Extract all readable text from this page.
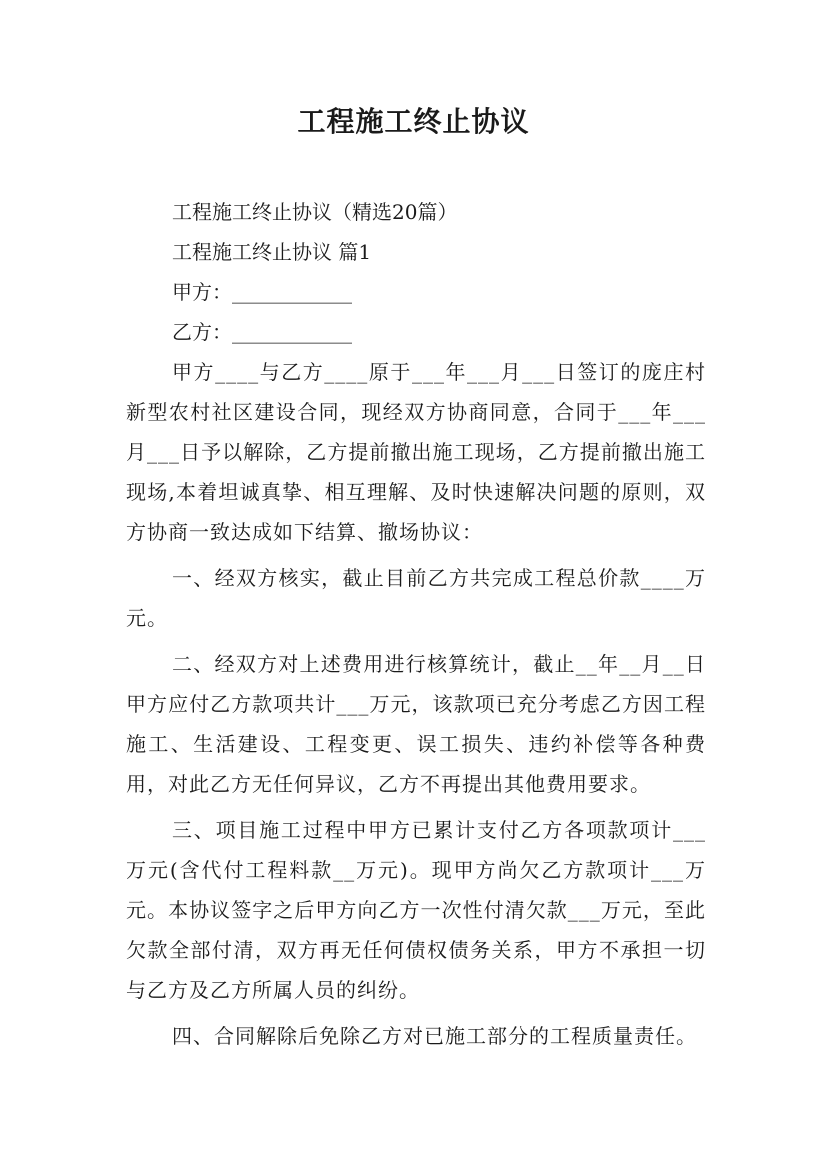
工程施工终止协议

工程施工终止协议（精选20篇）

工程施工终止协议 篇1

甲方：____________

乙方：____________

甲方____与乙方____原于___年___月___日签订的庞庄村新型农村社区建设合同，现经双方协商同意，合同于___年___月___日予以解除，乙方提前撤出施工现场，乙方提前撤出施工现场,本着坦诚真挚、相互理解、及时快速解决问题的原则，双方协商一致达成如下结算、撤场协议：

一、经双方核实，截止目前乙方共完成工程总价款____万元。

二、经双方对上述费用进行核算统计，截止__年__月__日甲方应付乙方款项共计___万元，该款项已充分考虑乙方因工程施工、生活建设、工程变更、误工损失、违约补偿等各种费用，对此乙方无任何异议，乙方不再提出其他费用要求。

三、项目施工过程中甲方已累计支付乙方各项款项计___万元(含代付工程料款__万元)。现甲方尚欠乙方款项计___万元。本协议签字之后甲方向乙方一次性付清欠款___万元，至此欠款全部付清，双方再无任何债权债务关系，甲方不承担一切与乙方及乙方所属人员的纠纷。

四、合同解除后免除乙方对已施工部分的工程质量责任。
